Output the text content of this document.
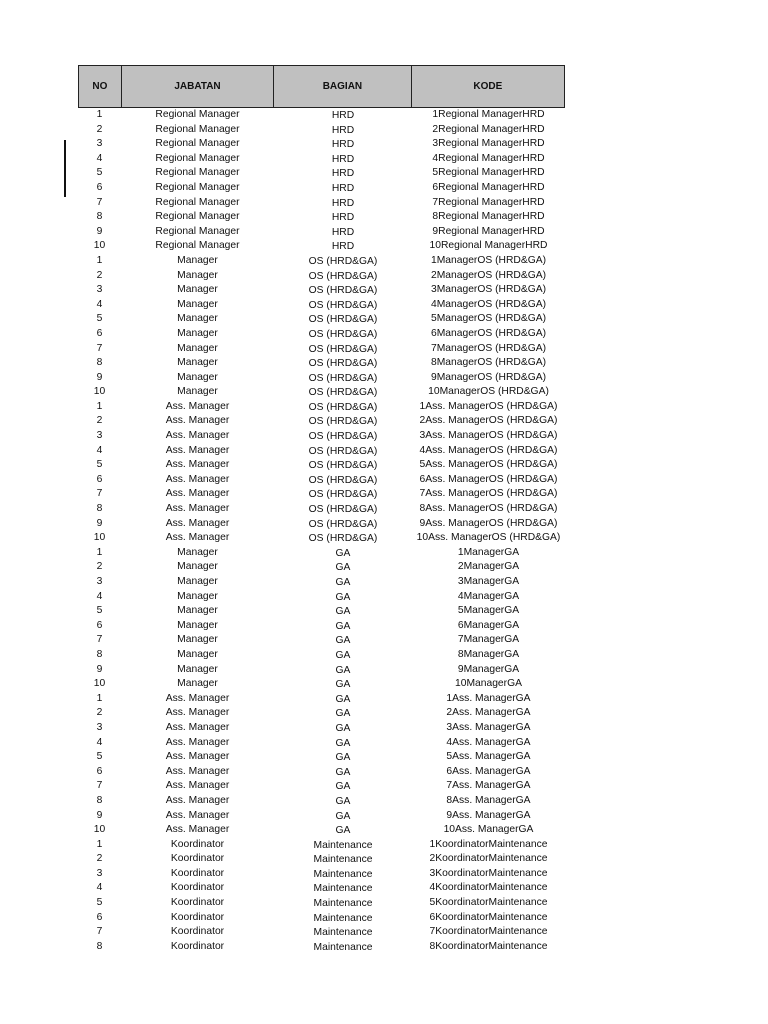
NO	JABATAN	BAGIAN	KODE
1	Regional Manager	HRD	1Regional ManagerHRD
2	Regional Manager	HRD	2Regional ManagerHRD
3	Regional Manager	HRD	3Regional ManagerHRD
4	Regional Manager	HRD	4Regional ManagerHRD
5	Regional Manager	HRD	5Regional ManagerHRD
6	Regional Manager	HRD	6Regional ManagerHRD
7	Regional Manager	HRD	7Regional ManagerHRD
8	Regional Manager	HRD	8Regional ManagerHRD
9	Regional Manager	HRD	9Regional ManagerHRD
10	Regional Manager	HRD	10Regional ManagerHRD
1	Manager	OS (HRD&GA)	1ManagerOS (HRD&GA)
2	Manager	OS (HRD&GA)	2ManagerOS (HRD&GA)
3	Manager	OS (HRD&GA)	3ManagerOS (HRD&GA)
4	Manager	OS (HRD&GA)	4ManagerOS (HRD&GA)
5	Manager	OS (HRD&GA)	5ManagerOS (HRD&GA)
6	Manager	OS (HRD&GA)	6ManagerOS (HRD&GA)
7	Manager	OS (HRD&GA)	7ManagerOS (HRD&GA)
8	Manager	OS (HRD&GA)	8ManagerOS (HRD&GA)
9	Manager	OS (HRD&GA)	9ManagerOS (HRD&GA)
10	Manager	OS (HRD&GA)	10ManagerOS (HRD&GA)
1	Ass. Manager	OS (HRD&GA)	1Ass. ManagerOS (HRD&GA)
2	Ass. Manager	OS (HRD&GA)	2Ass. ManagerOS (HRD&GA)
3	Ass. Manager	OS (HRD&GA)	3Ass. ManagerOS (HRD&GA)
4	Ass. Manager	OS (HRD&GA)	4Ass. ManagerOS (HRD&GA)
5	Ass. Manager	OS (HRD&GA)	5Ass. ManagerOS (HRD&GA)
6	Ass. Manager	OS (HRD&GA)	6Ass. ManagerOS (HRD&GA)
7	Ass. Manager	OS (HRD&GA)	7Ass. ManagerOS (HRD&GA)
8	Ass. Manager	OS (HRD&GA)	8Ass. ManagerOS (HRD&GA)
9	Ass. Manager	OS (HRD&GA)	9Ass. ManagerOS (HRD&GA)
10	Ass. Manager	OS (HRD&GA)	10Ass. ManagerOS (HRD&GA)
1	Manager	GA	1ManagerGA
2	Manager	GA	2ManagerGA
3	Manager	GA	3ManagerGA
4	Manager	GA	4ManagerGA
5	Manager	GA	5ManagerGA
6	Manager	GA	6ManagerGA
7	Manager	GA	7ManagerGA
8	Manager	GA	8ManagerGA
9	Manager	GA	9ManagerGA
10	Manager	GA	10ManagerGA
1	Ass. Manager	GA	1Ass. ManagerGA
2	Ass. Manager	GA	2Ass. ManagerGA
3	Ass. Manager	GA	3Ass. ManagerGA
4	Ass. Manager	GA	4Ass. ManagerGA
5	Ass. Manager	GA	5Ass. ManagerGA
6	Ass. Manager	GA	6Ass. ManagerGA
7	Ass. Manager	GA	7Ass. ManagerGA
8	Ass. Manager	GA	8Ass. ManagerGA
9	Ass. Manager	GA	9Ass. ManagerGA
10	Ass. Manager	GA	10Ass. ManagerGA
1	Koordinator	Maintenance	1KoordinatorMaintenance
2	Koordinator	Maintenance	2KoordinatorMaintenance
3	Koordinator	Maintenance	3KoordinatorMaintenance
4	Koordinator	Maintenance	4KoordinatorMaintenance
5	Koordinator	Maintenance	5KoordinatorMaintenance
6	Koordinator	Maintenance	6KoordinatorMaintenance
7	Koordinator	Maintenance	7KoordinatorMaintenance
8	Koordinator	Maintenance	8KoordinatorMaintenance
